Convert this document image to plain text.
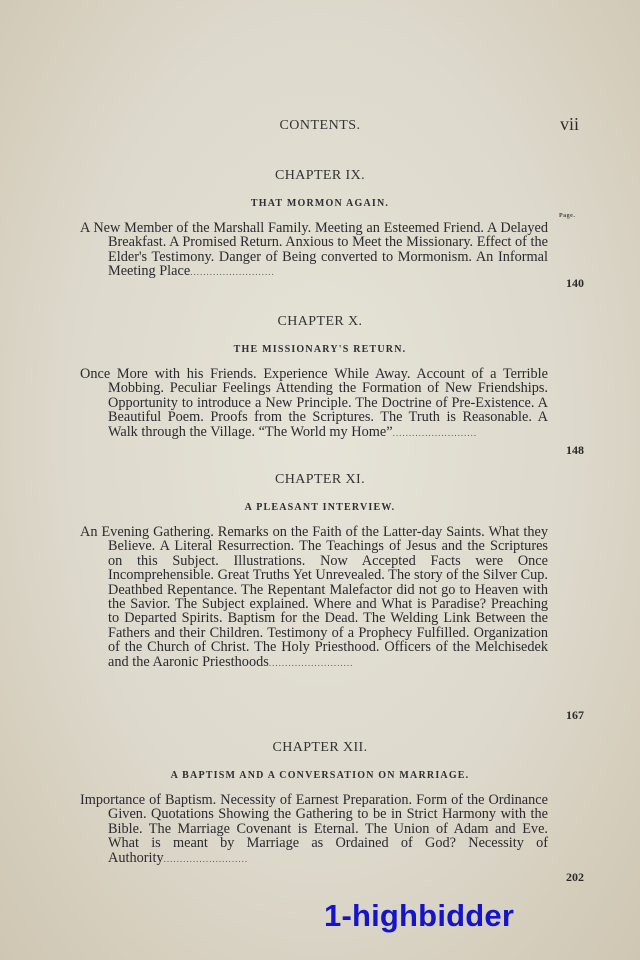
CONTENTS.	vii
Page.
CHAPTER IX.
THAT MORMON AGAIN.
A New Member of the Marshall Family. Meeting an Esteemed Friend. A Delayed Breakfast. A Promised Return. Anxious to Meet the Missionary. Effect of the Elder's Testimony. Danger of Being converted to Mormonism. An Informal Meeting Place..........................
140
CHAPTER X.
THE MISSIONARY'S RETURN.
Once More with his Friends. Experience While Away. Account of a Terrible Mobbing. Peculiar Feelings Attending the Formation of New Friendships. Opportunity to introduce a New Principle. The Doctrine of Pre-Existence. A Beautiful Poem. Proofs from the Scriptures. The Truth is Reasonable. A Walk through the Village. “The World my Home”..........................
148
CHAPTER XI.
A PLEASANT INTERVIEW.
An Evening Gathering. Remarks on the Faith of the Latter-day Saints. What they Believe. A Literal Resurrection. The Teachings of Jesus and the Scriptures on this Subject. Illustrations. Now Accepted Facts were Once Incomprehensible. Great Truths Yet Unrevealed. The story of the Silver Cup. Deathbed Repentance. The Repentant Malefactor did not go to Heaven with the Savior. The Subject explained. Where and What is Paradise? Preaching to Departed Spirits. Baptism for the Dead. The Welding Link Between the Fathers and their Children. Testimony of a Prophecy Fulfilled. Organization of the Church of Christ. The Holy Priesthood. Officers of the Melchisedek and the Aaronic Priesthoods..........................
167
CHAPTER XII.
A BAPTISM AND A CONVERSATION ON MARRIAGE.
Importance of Baptism. Necessity of Earnest Preparation. Form of the Ordinance Given. Quotations Showing the Gathering to be in Strict Harmony with the Bible. The Marriage Covenant is Eternal. The Union of Adam and Eve. What is meant by Marriage as Ordained of God? Necessity of Authority..........................
202
1-highbidder
